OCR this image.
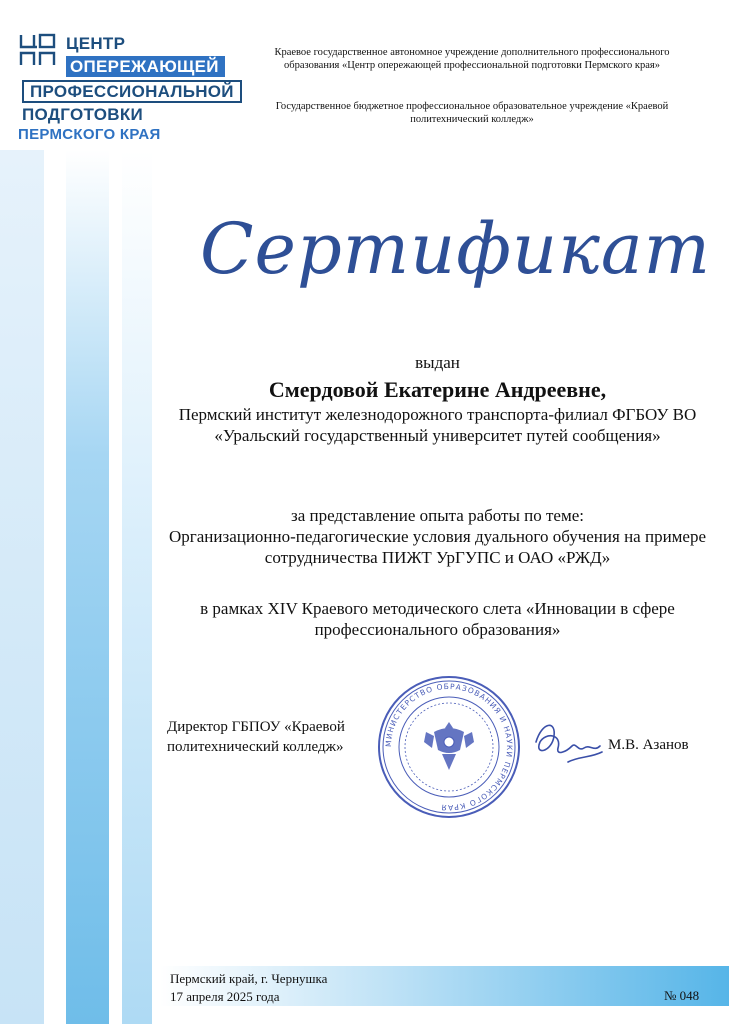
ЦЕНТР
ОПЕРЕЖАЮЩЕЙ
ПРОФЕССИОНАЛЬНОЙ
ПОДГОТОВКИ
ПЕРМСКОГО КРАЯ
Краевое государственное автономное учреждение дополнительного профессионального образования «Центр опережающей профессиональной подготовки Пермского края»
Государственное бюджетное профессиональное образовательное учреждение «Краевой политехнический колледж»
Сертификат
выдан
Смердовой Екатерине Андреевне,
Пермский институт железнодорожного транспорта-филиал ФГБОУ ВО «Уральский государственный университет путей сообщения»
за представление опыта работы по теме:
Организационно-педагогические условия дуального обучения на примере сотрудничества ПИЖТ УрГУПС и ОАО «РЖД»
в рамках XIV Краевого методического слета «Инновации в сфере профессионального образования»
Директор ГБПОУ «Краевой
политехнический колледж»	МИНИСТЕРСТВО ОБРАЗОВАНИЯ И НАУКИ ПЕРМСКОГО КРАЯ
М.В. Азанов
Пермский край, г. Чернушка
17 апреля 2025 года	№ 048
